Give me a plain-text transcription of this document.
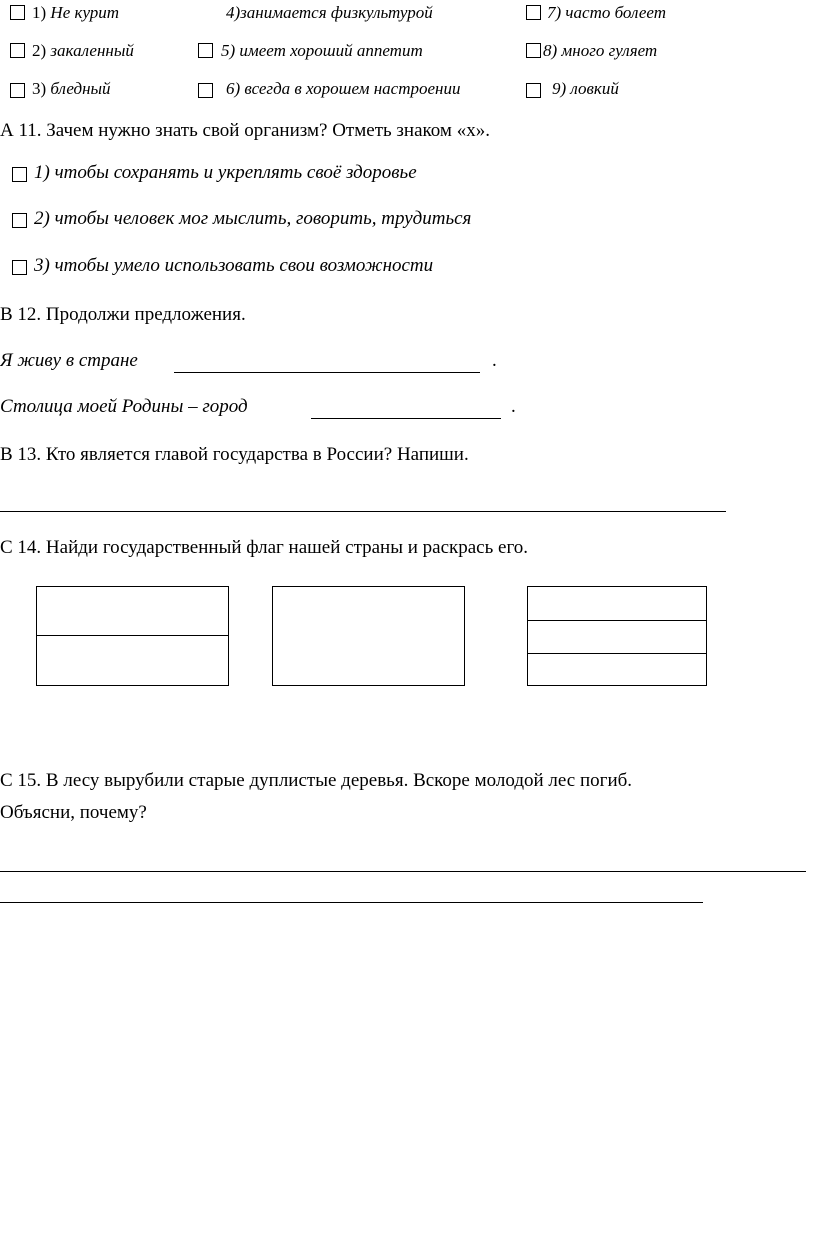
1) Не курит	4)занимается физкультурой	7) часто болеет
2) закаленный	5) имеет хороший аппетит	8) много гуляет
3) бледный	6) всегда в хорошем настроении	9) ловкий
А 11. Зачем нужно знать свой организм? Отметь знаком «х».
1) чтобы сохранять и укреплять своё здоровье
2) чтобы человек мог мыслить, говорить, трудиться
3) чтобы умело использовать свои возможности
В 12. Продолжи предложения.
Я живу в стране	.
Столица моей Родины – город	.
В 13. Кто является главой государства в России? Напиши.
С 14. Найди государственный флаг нашей страны и раскрась его.
С 15. В лесу вырубили старые дуплистые деревья. Вскоре молодой лес погиб.
Объясни, почему?
